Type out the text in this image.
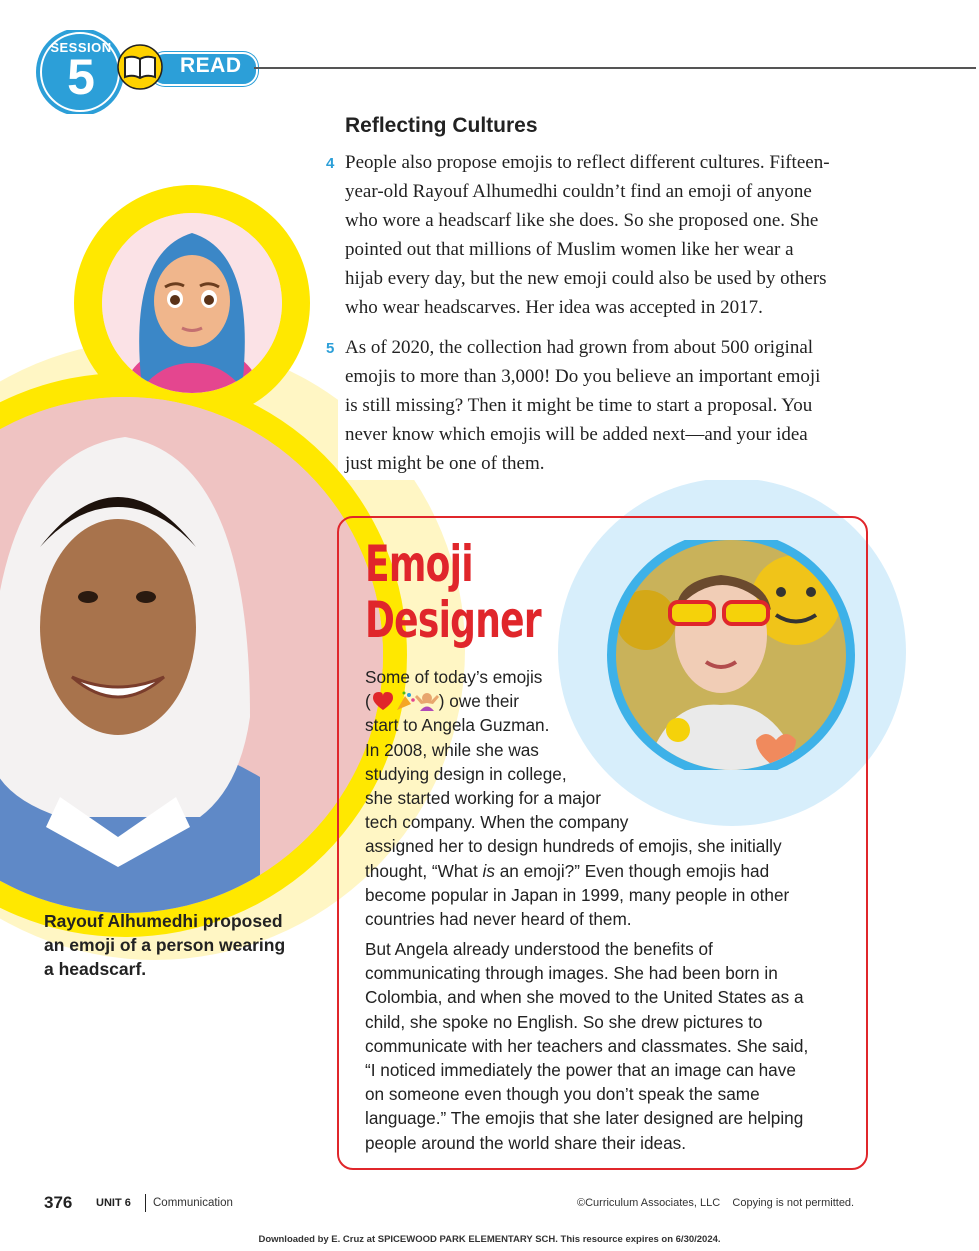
SESSION
5	READ
Reflecting Cultures
4 People also propose emojis to reflect different cultures. Fifteen-
year-old Rayouf Alhumedhi couldn’t find an emoji of anyone
who wore a headscarf like she does. So she proposed one. She
pointed out that millions of Muslim women like her wear a
hijab every day, but the new emoji could also be used by others
who wear headscarves. Her idea was accepted in 2017.
5 As of 2020, the collection had grown from about 500 original
emojis to more than 3,000! Do you believe an important emoji
is still missing? Then it might be time to start a proposal. You
never know which emojis will be added next—and your idea
just might be one of them.
Rayouf Alhumedhi proposed
an emoji of a person wearing
a headscarf.
Emoji
Designer
Some of today’s emojis
(	) owe their
start to Angela Guzman.
In 2008, while she was
studying design in college,
she started working for a major
tech company. When the company
assigned her to design hundreds of emojis, she initially
thought, “What is an emoji?” Even though emojis had
become popular in Japan in 1999, many people in other
countries had never heard of them.
But Angela already understood the benefits of
communicating through images. She had been born in
Colombia, and when she moved to the United States as a
child, she spoke no English. So she drew pictures to
communicate with her teachers and classmates. She said,
“I noticed immediately the power that an image can have
on someone even though you don’t speak the same
language.” The emojis that she later designed are helping
people around the world share their ideas.
376 UNIT 6 Communication	©Curriculum Associates, LLC    Copying is not permitted.
Downloaded by E. Cruz at SPICEWOOD PARK ELEMENTARY SCH. This resource expires on 6/30/2024.
